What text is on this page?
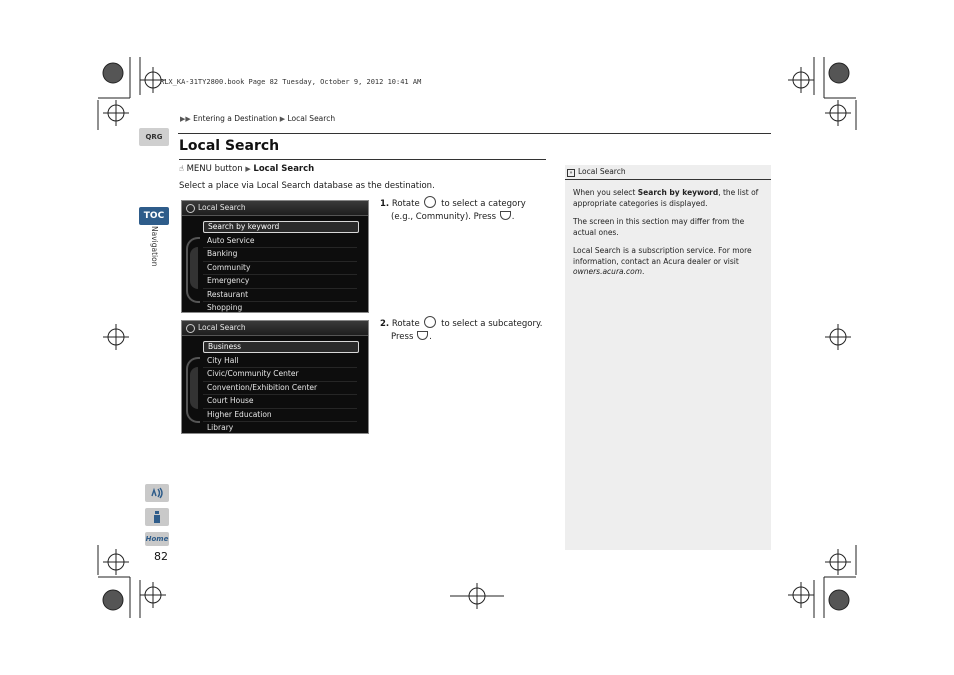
RLX_KA-31TY2800.book Page 82 Tuesday, October 9, 2012 10:41 AM
▶▶ Entering a Destination ▶ Local Search
Local Search
☝ MENU button ▶ Local Search
Select a place via Local Search database as the destination.
Local Search
Search by keyword
Auto Service
Banking
Community
Emergency
Restaurant
Shopping
Local Search
Business
City Hall
Civic/Community Center
Convention/Exhibition Center
Court House
Higher Education
Library
1. Rotate	to select a category
(e.g., Community). Press .
2. Rotate	to select a subcategory.
Press .
» Local Search

When you select Search by keyword, the list of appropriate categories is displayed.

The screen in this section may differ from the actual ones.

Local Search is a subscription service. For more information, contact an Acura dealer or visit owners.acura.com.

QRG
TOC
Navigation
Home
82
